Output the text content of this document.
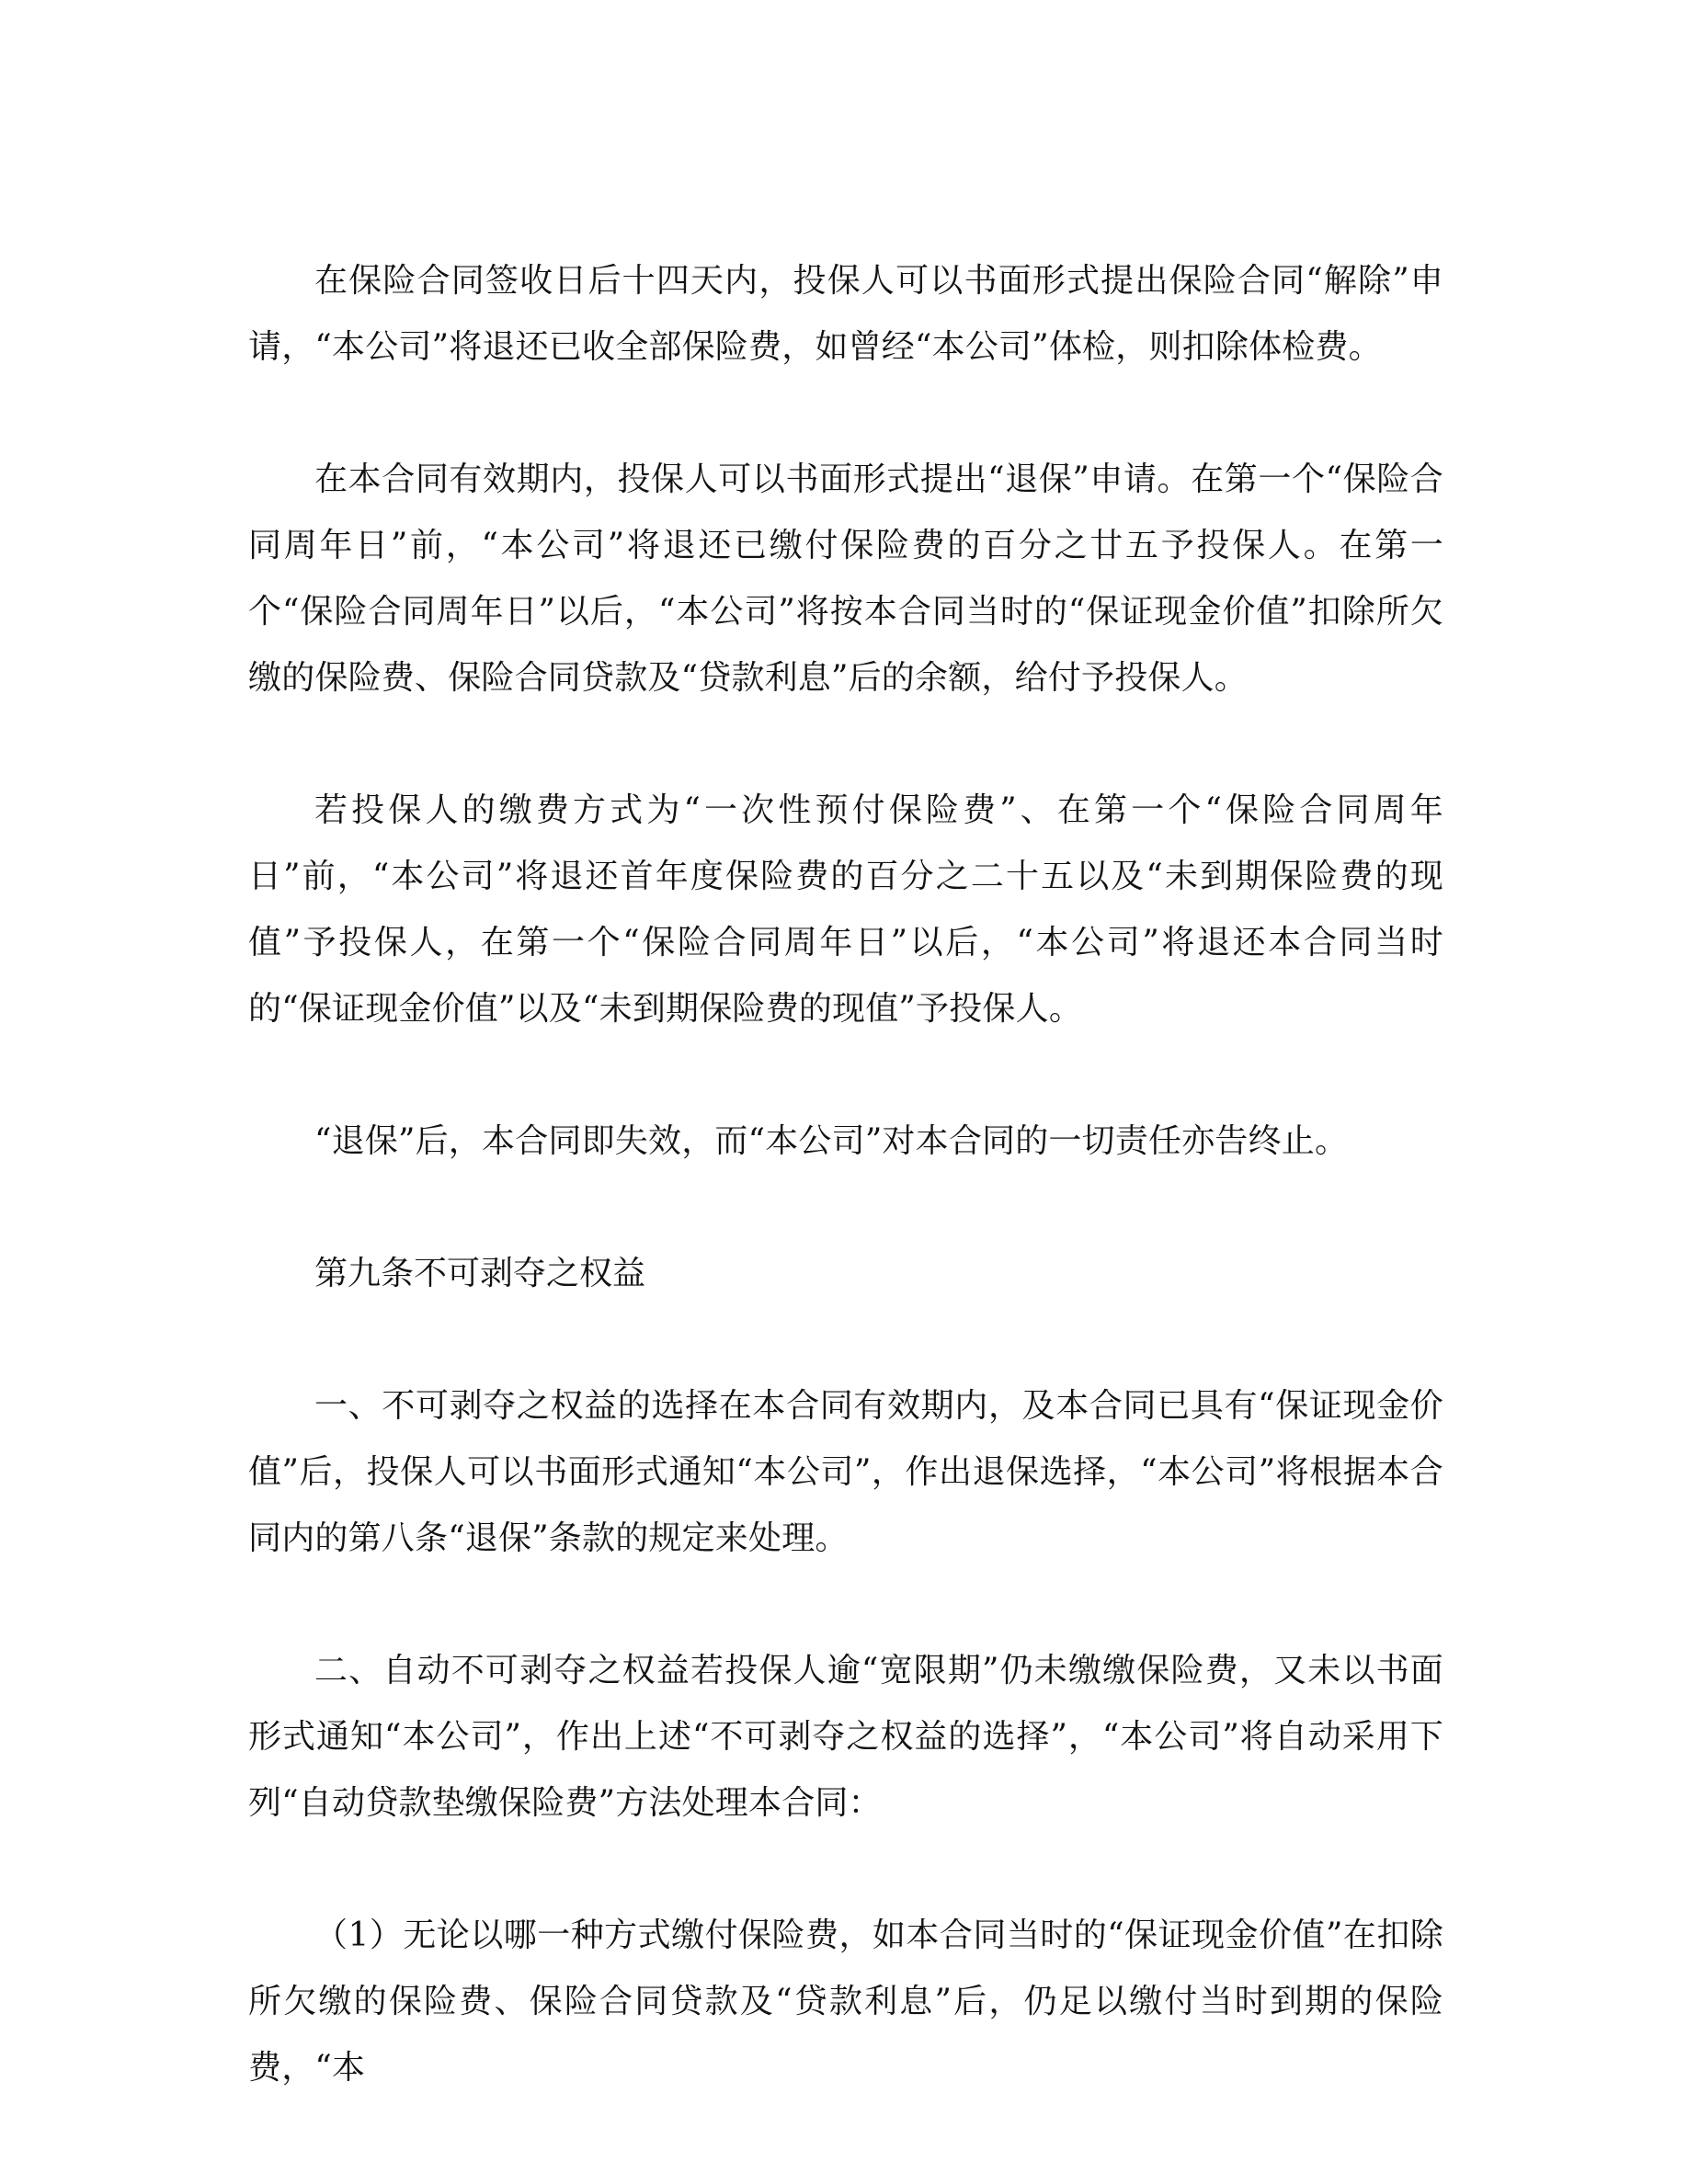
在保险合同签收日后十四天内，投保人可以书面形式提出保险合同“解除”申请，“本公司”将退还已收全部保险费，如曾经“本公司”体检，则扣除体检费。

在本合同有效期内，投保人可以书面形式提出“退保”申请。在第一个“保险合同周年日”前，“本公司”将退还已缴付保险费的百分之廿五予投保人。在第一个“保险合同周年日”以后，“本公司”将按本合同当时的“保证现金价值”扣除所欠缴的保险费、保险合同贷款及“贷款利息”后的余额，给付予投保人。

若投保人的缴费方式为“一次性预付保险费”、在第一个“保险合同周年日”前，“本公司”将退还首年度保险费的百分之二十五以及“未到期保险费的现值”予投保人，在第一个“保险合同周年日”以后，“本公司”将退还本合同当时的“保证现金价值”以及“未到期保险费的现值”予投保人。

“退保”后，本合同即失效，而“本公司”对本合同的一切责任亦告终止。

第九条不可剥夺之权益

一、不可剥夺之权益的选择在本合同有效期内，及本合同已具有“保证现金价值”后，投保人可以书面形式通知“本公司”，作出退保选择，“本公司”将根据本合同内的第八条“退保”条款的规定来处理。

二、自动不可剥夺之权益若投保人逾“宽限期”仍未缴缴保险费，又未以书面形式通知“本公司”，作出上述“不可剥夺之权益的选择”，“本公司”将自动采用下列“自动贷款垫缴保险费”方法处理本合同：

（1）无论以哪一种方式缴付保险费，如本合同当时的“保证现金价值”在扣除所欠缴的保险费、保险合同贷款及“贷款利息”后，仍足以缴付当时到期的保险费，“本
